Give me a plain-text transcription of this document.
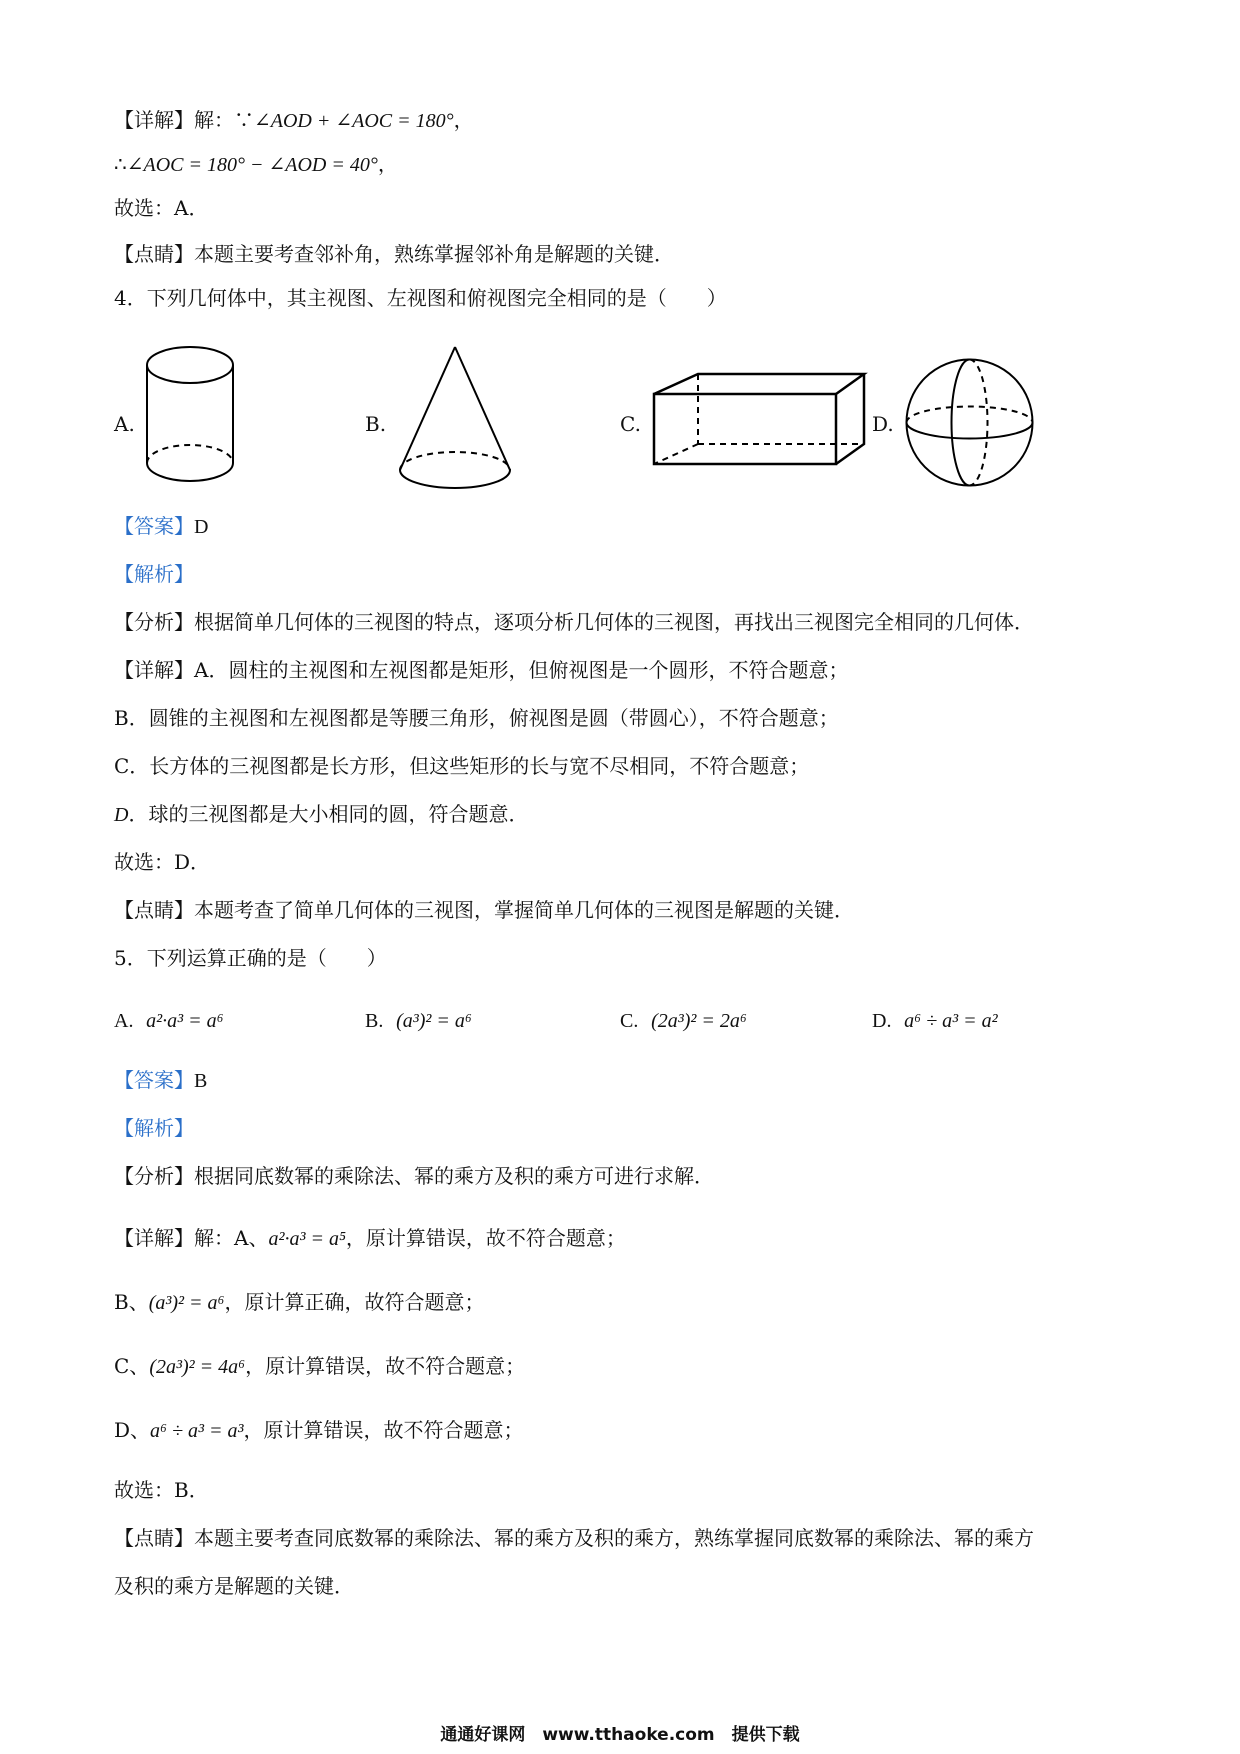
【详解】解：∵∠AOD + ∠AOC = 180°，
∴∠AOC = 180° − ∠AOD = 40°，
故选：A．
【点睛】本题主要考查邻补角，熟练掌握邻补角是解题的关键．
4．下列几何体中，其主视图、左视图和俯视图完全相同的是（　　）
A.	B.	C.	D.
【答案】D
【解析】
【分析】根据简单几何体的三视图的特点，逐项分析几何体的三视图，再找出三视图完全相同的几何体．
【详解】A．圆柱的主视图和左视图都是矩形，但俯视图是一个圆形，不符合题意；
B．圆锥的主视图和左视图都是等腰三角形，俯视图是圆（带圆心），不符合题意；
C．长方体的三视图都是长方形，但这些矩形的长与宽不尽相同，不符合题意；
D．球的三视图都是大小相同的圆，符合题意．
故选：D．
【点睛】本题考查了简单几何体的三视图，掌握简单几何体的三视图是解题的关键．
5．下列运算正确的是（　　）
A. a²·a³ = a⁶	B. (a³)² = a⁶	C. (2a³)² = 2a⁶	D. a⁶ ÷ a³ = a²
【答案】B
【解析】
【分析】根据同底数幂的乘除法、幂的乘方及积的乘方可进行求解．
【详解】解：A、a²·a³ = a⁵，原计算错误，故不符合题意；
B、(a³)² = a⁶，原计算正确，故符合题意；
C、(2a³)² = 4a⁶，原计算错误，故不符合题意；
D、a⁶ ÷ a³ = a³，原计算错误，故不符合题意；
故选：B．
【点睛】本题主要考查同底数幂的乘除法、幂的乘方及积的乘方，熟练掌握同底数幂的乘除法、幂的乘方
及积的乘方是解题的关键．
通通好课网　www.tthaoke.com　提供下载
